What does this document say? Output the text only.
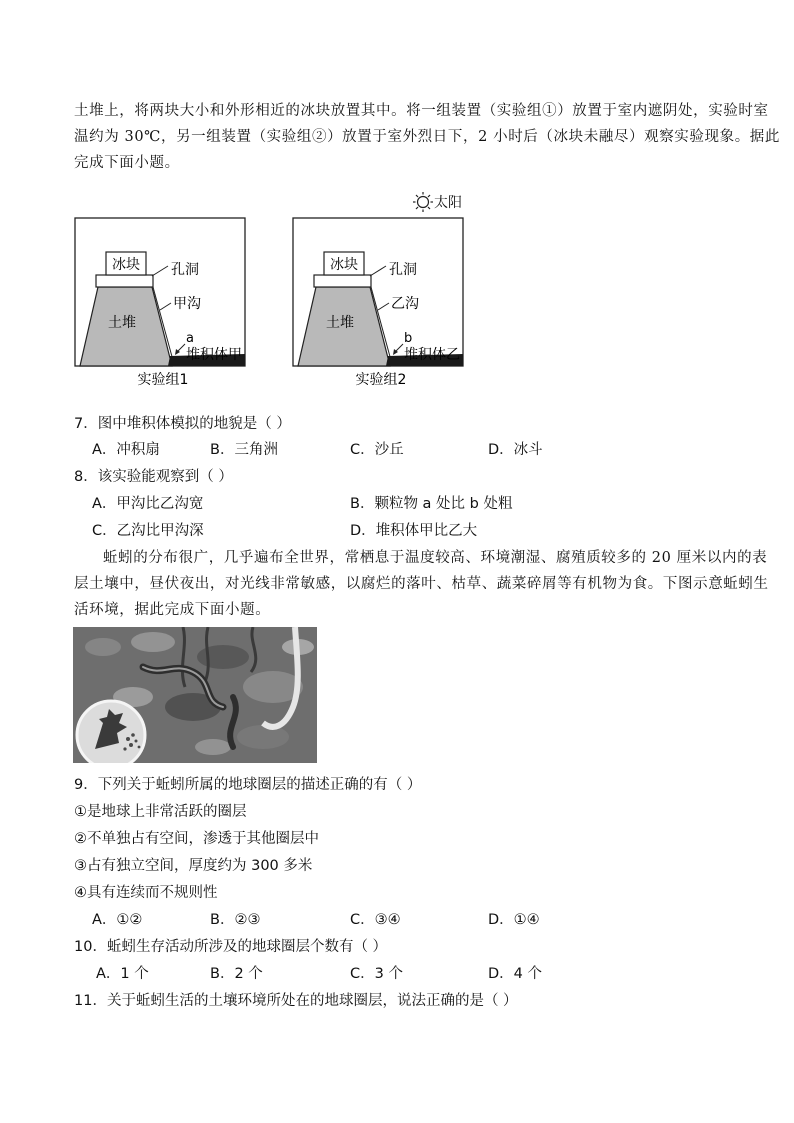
土堆上，将两块大小和外形相近的冰块放置其中。将一组装置（实验组①）放置于室内遮阴处，实验时室
温约为 30℃，另一组装置（实验组②）放置于室外烈日下，2 小时后（冰块未融尽）观察实验现象。据此
完成下面小题。
太阳
冰块 孔洞
甲沟
土堆
a
堆积体甲
实验组1
冰块 孔洞
乙沟
土堆
b
堆积体乙
实验组2
7．图中堆积体模拟的地貌是（ ）
A．冲积扇	B．三角洲	C．沙丘	D．冰斗
8．该实验能观察到（ ）
A．甲沟比乙沟宽	B．颗粒物 a 处比 b 处粗
C．乙沟比甲沟深	D．堆积体甲比乙大
蚯蚓的分布很广，几乎遍布全世界，常栖息于温度较高、环境潮湿、腐殖质较多的 20 厘米以内的表
层土壤中，昼伏夜出，对光线非常敏感，以腐烂的落叶、枯草、蔬菜碎屑等有机物为食。下图示意蚯蚓生
活环境，据此完成下面小题。
9．下列关于蚯蚓所属的地球圈层的描述正确的有（ ）
①是地球上非常活跃的圈层
②不单独占有空间，渗透于其他圈层中
③占有独立空间，厚度约为 300 多米
④具有连续而不规则性
A．①②	B．②③	C．③④	D．①④
10．蚯蚓生存活动所涉及的地球圈层个数有（ ）
A．1 个	B．2 个	C．3 个	D．4 个
11．关于蚯蚓生活的土壤环境所处在的地球圈层，说法正确的是（ ）
